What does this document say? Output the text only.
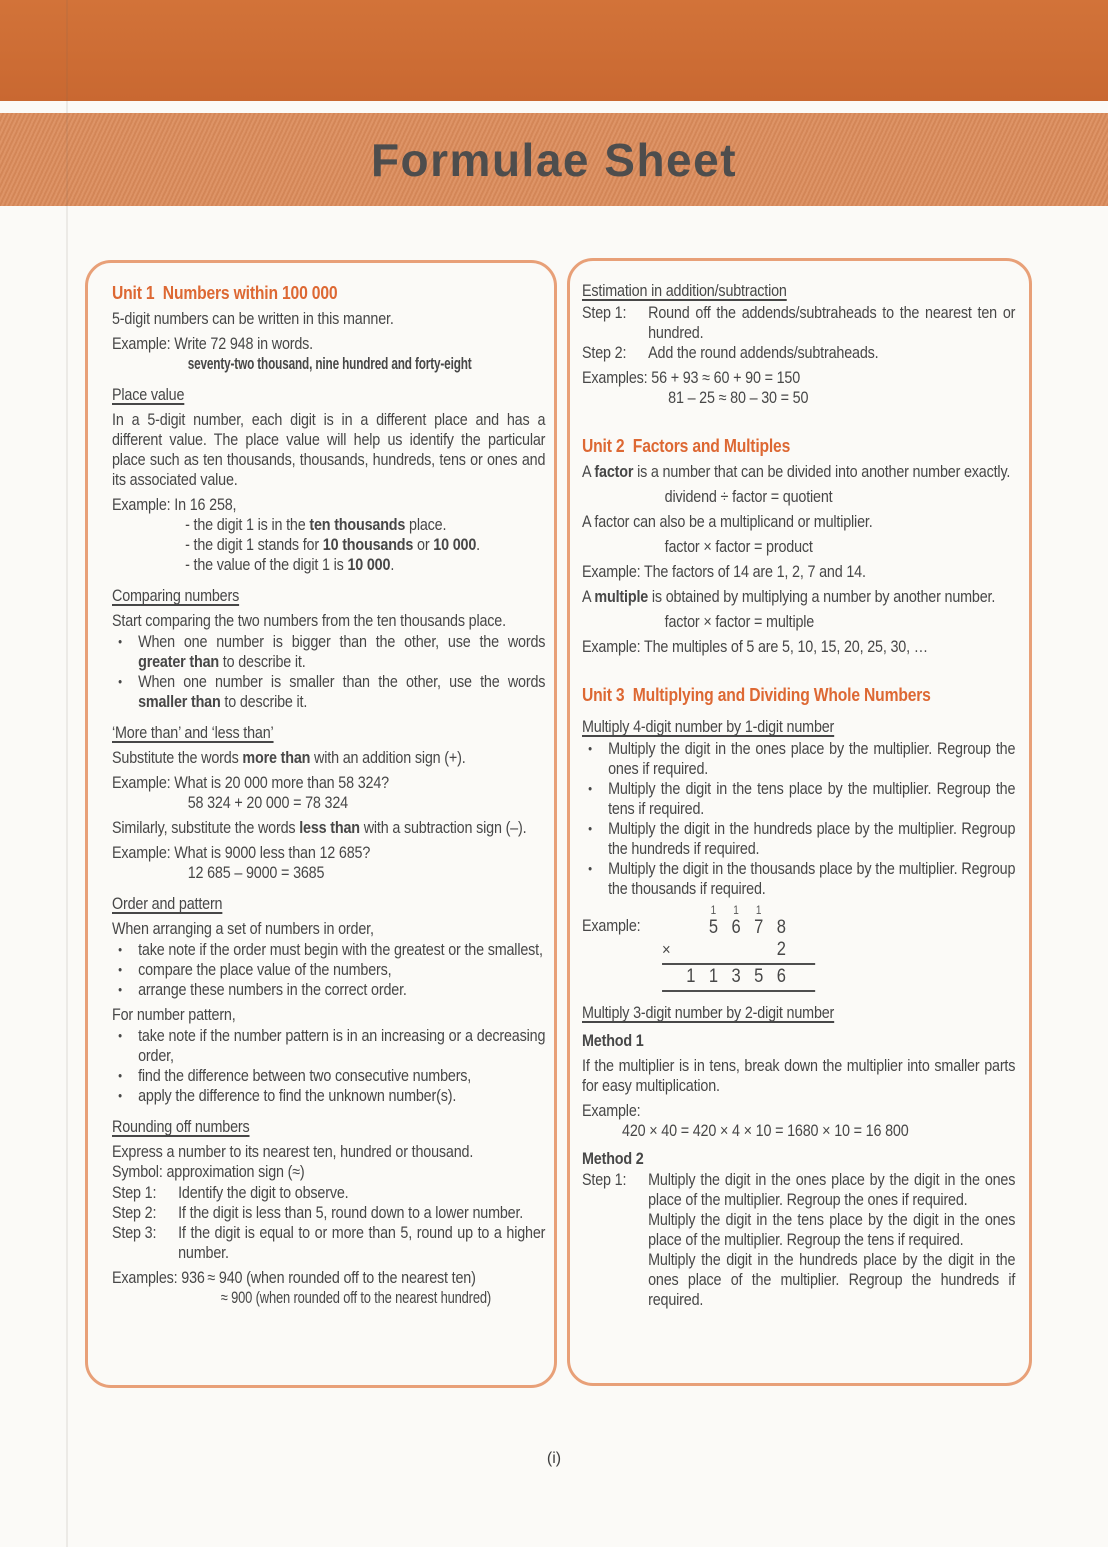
Formulae Sheet
Unit 1  Numbers within 100 000
5-digit numbers can be written in this manner.
Example: Write 72 948 in words.
seventy-two thousand, nine hundred and forty-eight
Place value
In a 5-digit number, each digit is in a different place and has a different value. The place value will help us identify the particular place such as ten thousands, thousands, hundreds, tens or ones and its associated value.
Example: In 16 258,
- the digit 1 is in the ten thousands place.
- the digit 1 stands for 10 thousands or 10 000.
- the value of the digit 1 is 10 000.
Comparing numbers
Start comparing the two numbers from the ten thousands place.
• When one number is bigger than the other, use the words greater than to describe it.
• When one number is smaller than the other, use the words smaller than to describe it.
‘More than’ and ‘less than’
Substitute the words more than with an addition sign (+).
Example: What is 20 000 more than 58 324?
58 324 + 20 000 = 78 324
Similarly, substitute the words less than with a subtraction sign (–).
Example: What is 9000 less than 12 685?
12 685 – 9000 = 3685
Order and pattern
When arranging a set of numbers in order,
• take note if the order must begin with the greatest or the smallest,
• compare the place value of the numbers,
• arrange these numbers in the correct order.
For number pattern,
• take note if the number pattern is in an increasing or a decreasing order,
• find the difference between two consecutive numbers,
• apply the difference to find the unknown number(s).
Rounding off numbers
Express a number to its nearest ten, hundred or thousand.
Symbol: approximation sign (≈)
Step 1:	Identify the digit to observe.
Step 2:	If the digit is less than 5, round down to a lower number.
Step 3:	If the digit is equal to or more than 5, round up to a higher number.
Examples: 936 ≈ 940 (when rounded off to the nearest ten)
≈ 900 (when rounded off to the nearest hundred)
Estimation in addition/subtraction
Step 1:	Round off the addends/subtraheads to the nearest ten or hundred.
Step 2:	Add the round addends/subtraheads.
Examples: 56 + 93 ≈ 60 + 90 = 150
81 – 25 ≈ 80 – 30 = 50
Unit 2  Factors and Multiples
A factor is a number that can be divided into another number exactly.
dividend ÷ factor = quotient
A factor can also be a multiplicand or multiplier.
factor × factor = product
Example: The factors of 14 are 1, 2, 7 and 14.
A multiple is obtained by multiplying a number by another number.
factor × factor = multiple
Example: The multiples of 5 are 5, 10, 15, 20, 25, 30, …
Unit 3  Multiplying and Dividing Whole Numbers
Multiply 4-digit number by 1-digit number
• Multiply the digit in the ones place by the multiplier. Regroup the ones if required.
• Multiply the digit in the tens place by the multiplier. Regroup the tens if required.
• Multiply the digit in the hundreds place by the multiplier. Regroup the hundreds if required.
• Multiply the digit in the thousands place by the multiplier. Regroup the thousands if required.
Example:
1	1	1
5 6 7 8
×	2
1 1 3 5 6
Multiply 3-digit number by 2-digit number
Method 1
If the multiplier is in tens, break down the multiplier into smaller parts for easy multiplication.
Example:
420 × 40 = 420 × 4 × 10 = 1680 × 10 = 16 800
Method 2
Step 1:	Multiply the digit in the ones place by the digit in the ones place of the multiplier. Regroup the ones if required.
Multiply the digit in the tens place by the digit in the ones place of the multiplier. Regroup the tens if required.
Multiply the digit in the hundreds place by the digit in the ones place of the multiplier. Regroup the hundreds if required.
(i)
